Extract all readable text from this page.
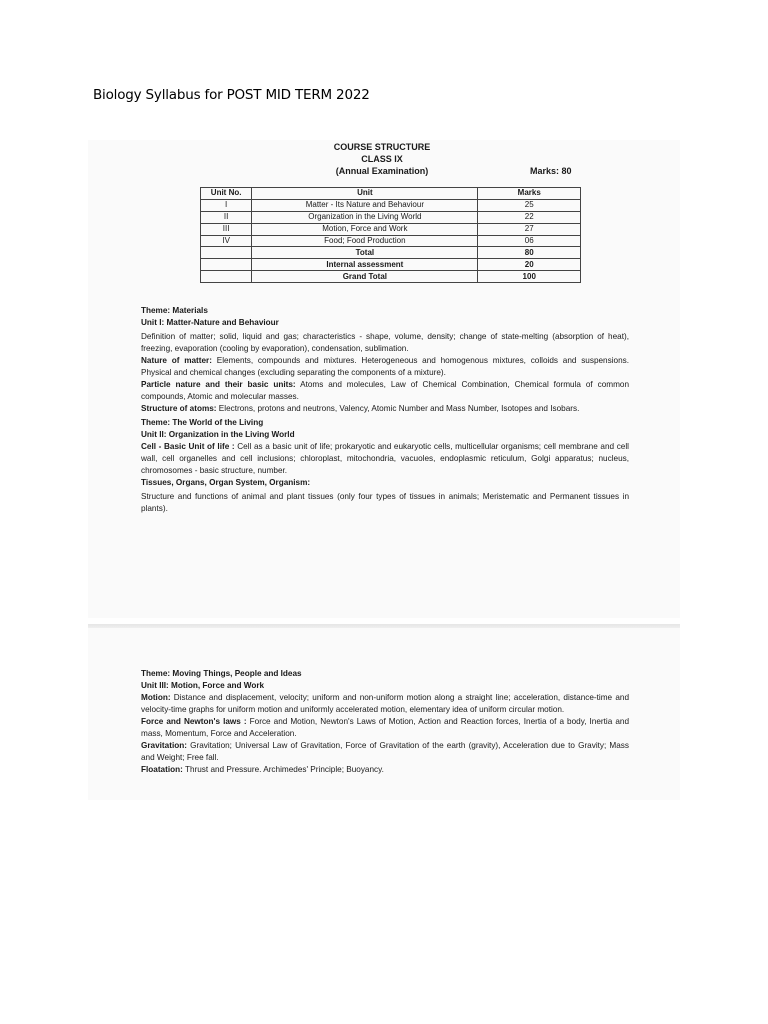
Biology Syllabus for POST MID TERM 2022
COURSE STRUCTURE
CLASS IX
(Annual Examination)	Marks: 80
Unit No.	Unit	Marks
I	Matter - Its Nature and Behaviour	25
II	Organization in the Living World	22
III	Motion, Force and Work	27
IV	Food; Food Production	06
	Total	80
	Internal assessment	20
	Grand Total	100
Theme: Materials
Unit I: Matter-Nature and Behaviour

Definition of matter; solid, liquid and gas; characteristics - shape, volume, density; change of state-melting (absorption of heat), freezing, evaporation (cooling by evaporation), condensation, sublimation.

Nature of matter: Elements, compounds and mixtures. Heterogeneous and homogenous mixtures, colloids and suspensions. Physical and chemical changes (excluding separating the components of a mixture).

Particle nature and their basic units: Atoms and molecules, Law of Chemical Combination, Chemical formula of common compounds, Atomic and molecular masses.

Structure of atoms: Electrons, protons and neutrons, Valency, Atomic Number and Mass Number, Isotopes and Isobars.

Theme: The World of the Living
Unit II: Organization in the Living World

Cell - Basic Unit of life : Cell as a basic unit of life; prokaryotic and eukaryotic cells, multicellular organisms; cell membrane and cell wall, cell organelles and cell inclusions; chloroplast, mitochondria, vacuoles, endoplasmic reticulum, Golgi apparatus; nucleus, chromosomes - basic structure, number.

Tissues, Organs, Organ System, Organism:

Structure and functions of animal and plant tissues (only four types of tissues in animals; Meristematic and Permanent tissues in plants).

Theme: Moving Things, People and Ideas
Unit III: Motion, Force and Work

Motion: Distance and displacement, velocity; uniform and non-uniform motion along a straight line; acceleration, distance-time and velocity-time graphs for uniform motion and uniformly accelerated motion, elementary idea of uniform circular motion.

Force and Newton's laws : Force and Motion, Newton's Laws of Motion, Action and Reaction forces, Inertia of a body, Inertia and mass, Momentum, Force and Acceleration.

Gravitation: Gravitation; Universal Law of Gravitation, Force of Gravitation of the earth (gravity), Acceleration due to Gravity; Mass and Weight; Free fall.

Floatation: Thrust and Pressure. Archimedes' Principle; Buoyancy.
